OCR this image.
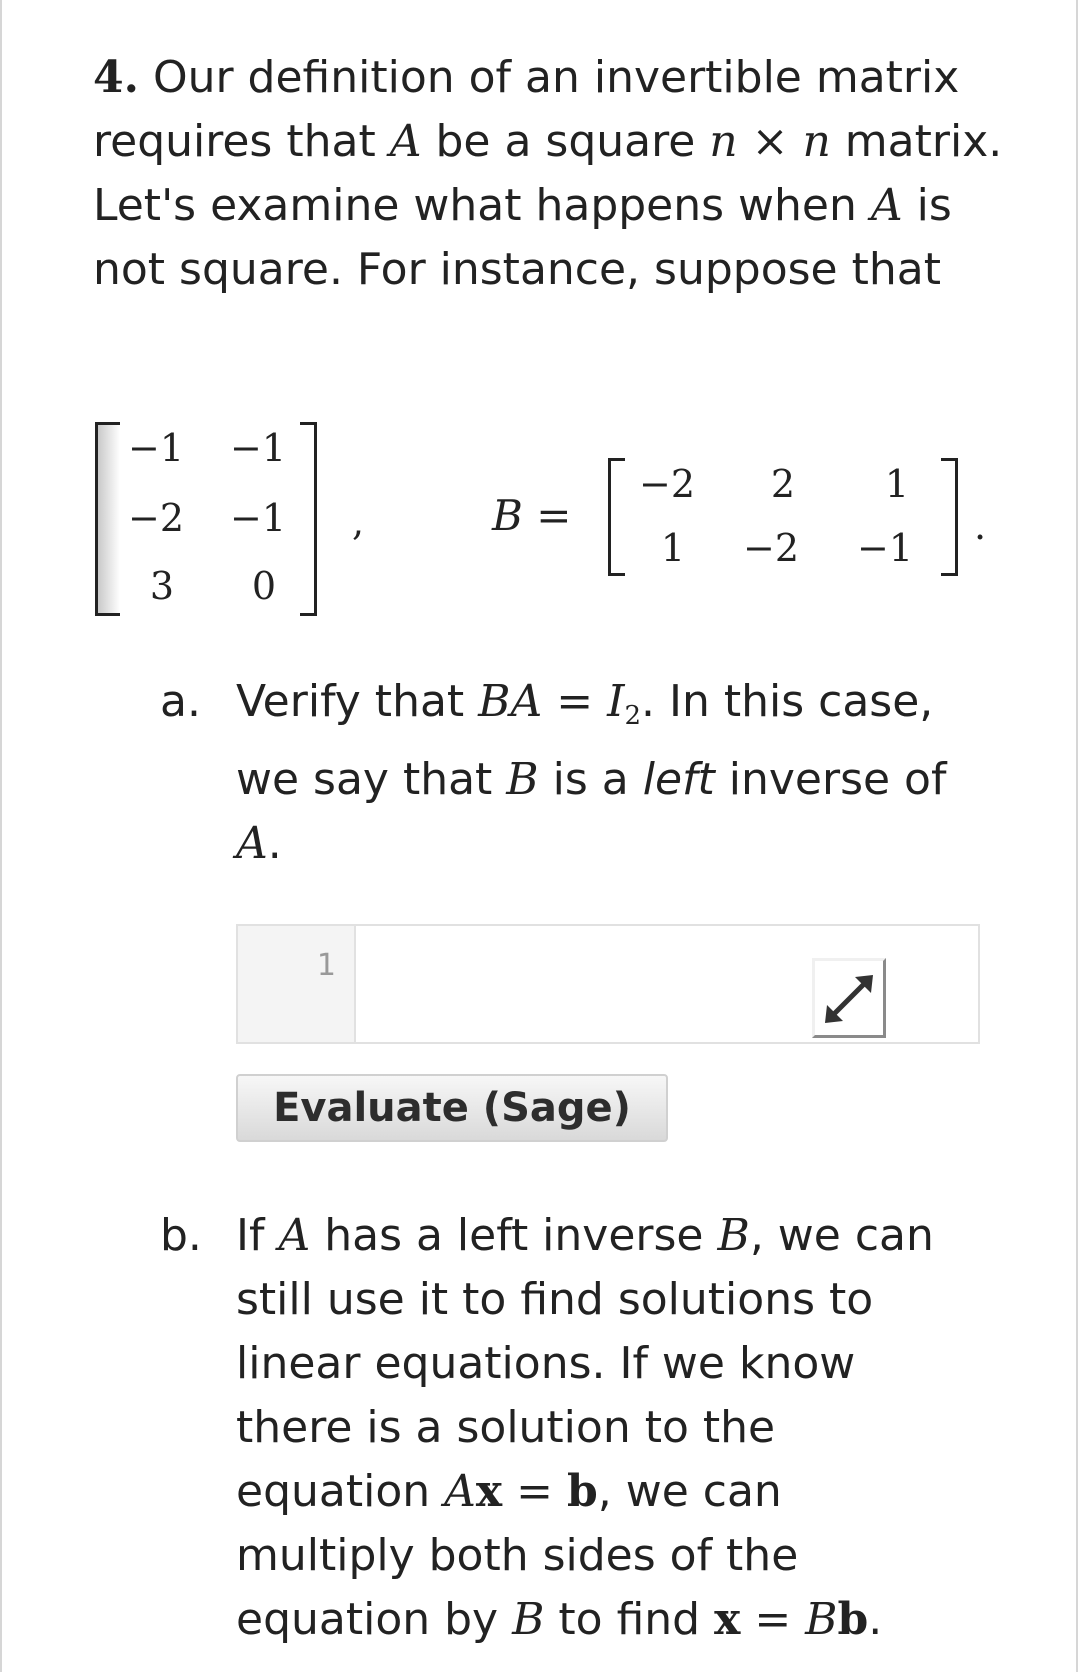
4. Our definition of an invertible matrix requires that A be a square n × n matrix. Let's examine what happens when A is not square. For instance, suppose that

−1	−1
−2	−1
3	0
,	B =
−2	2	1
1	−2	−1	.
a. Verify that BA = $I_2$. In this case, we say that B is a left inverse of A.
1
Evaluate (Sage)
b. If A has a left inverse B, we can still use it to find solutions to linear equations. If we know there is a solution to the equation Ax = b, we can multiply both sides of the equation by B to find x = Bb.
